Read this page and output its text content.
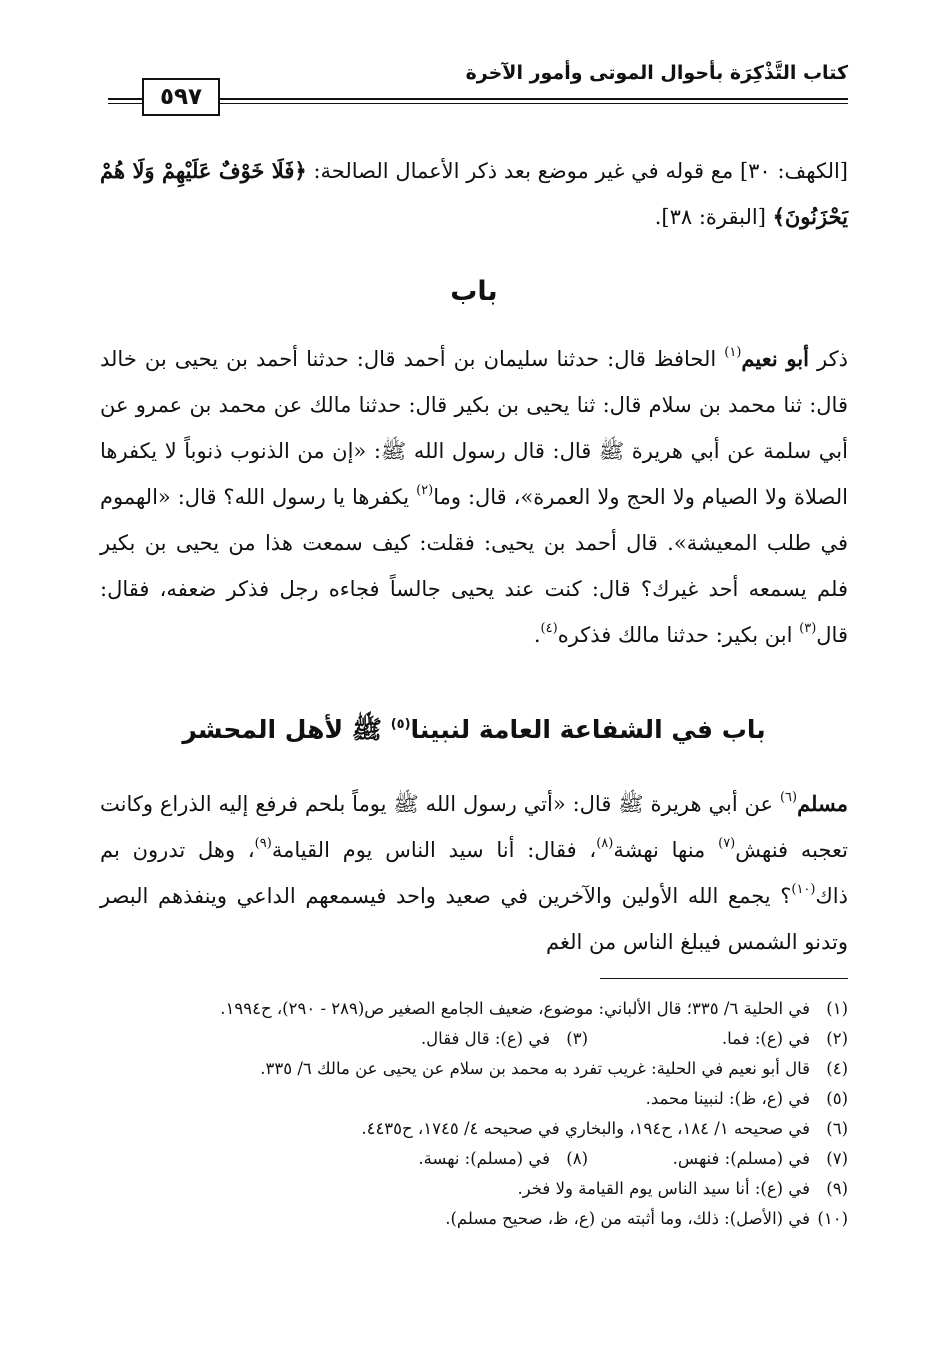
كتاب التَّذْكِرَة بأحوال الموتى وأمور الآخرة
٥٩٧
[الكهف: ٣٠] مع قوله في غير موضع بعد ذكر الأعمال الصالحة: ﴿فَلَا خَوْفٌ عَلَيْهِمْ وَلَا هُمْ يَحْزَنُونَ﴾ [البقرة: ٣٨].
باب
ذكر أبو نعيم$^{(١)}$ الحافظ قال: حدثنا سليمان بن أحمد قال: حدثنا أحمد بن يحيى بن خالد قال: ثنا محمد بن سلام قال: ثنا يحيى بن بكير قال: حدثنا مالك عن محمد بن عمرو عن أبي سلمة عن أبي هريرة ﷺ قال: قال رسول الله ﷺ: «إن من الذنوب ذنوباً لا يكفرها الصلاة ولا الصيام ولا الحج ولا العمرة»، قال: وما$^{(٢)}$ يكفرها يا رسول الله؟ قال: «الهموم في طلب المعيشة». قال أحمد بن يحيى: فقلت: كيف سمعت هذا من يحيى بن بكير فلم يسمعه أحد غيرك؟ قال: كنت عند يحيى جالساً فجاءه رجل فذكر ضعفه، فقال: قال$^{(٣)}$ ابن بكير: حدثنا مالك فذكره$^{(٤)}$.
باب في الشفاعة العامة لنبينا$^{(٥)}$ ﷺ لأهل المحشر
مسلم$^{(٦)}$ عن أبي هريرة ﷺ قال: «أتي رسول الله ﷺ يوماً بلحم فرفع إليه الذراع وكانت تعجبه فنهش$^{(٧)}$ منها نهشة$^{(٨)}$، فقال: أنا سيد الناس يوم القيامة$^{(٩)}$، وهل تدرون بم ذاك$^{(١٠)}$؟ يجمع الله الأولين والآخرين في صعيد واحد فيسمعهم الداعي وينفذهم البصر وتدنو الشمس فيبلغ الناس من الغم
(١)
في الحلية ٦/ ٣٣٥؛ قال الألباني: موضوع، ضعيف الجامع الصغير ص(٢٨٩ - ٢٩٠)، ح١٩٩٤.
(٢)
في (ع): فما.
(٣)
في (ع): قال فقال.
(٤)
قال أبو نعيم في الحلية: غريب تفرد به محمد بن سلام عن يحيى عن مالك ٦/ ٣٣٥.
(٥)
في (ع، ظ): لنبينا محمد.
(٦)
في صحيحه ١/ ١٨٤، ح١٩٤، والبخاري في صحيحه ٤/ ١٧٤٥، ح٤٤٣٥.
(٧)
في (مسلم): فنهس.
(٨)
في (مسلم): نهسة.
(٩)
في (ع): أنا سيد الناس يوم القيامة ولا فخر.
(١٠)
في (الأصل): ذلك، وما أثبته من (ع، ظ، صحيح مسلم).
